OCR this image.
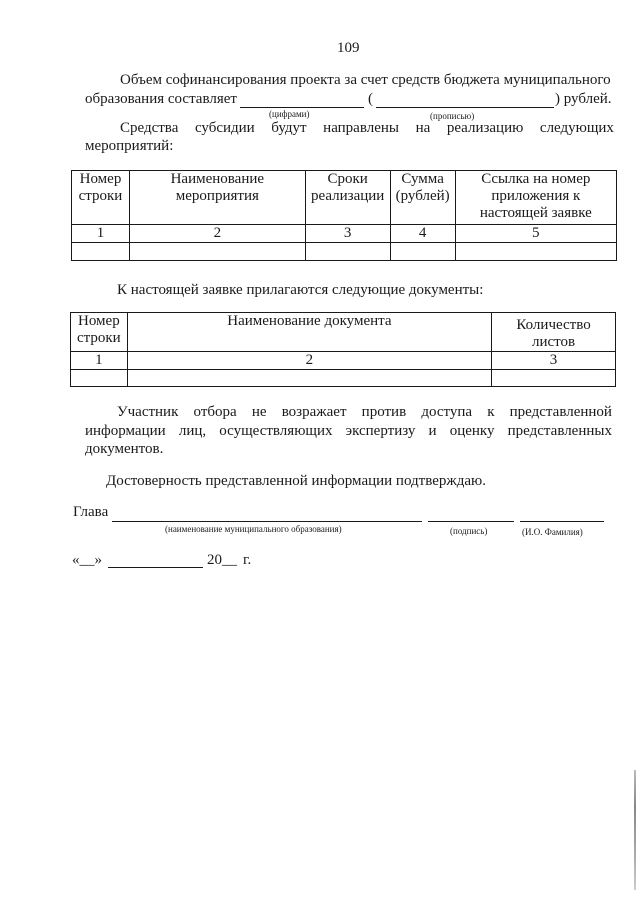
109
Объем софинансирования проекта за счет средств бюджета муниципального
образования составляет	(	) рублей.
(цифрами)	(прописью)
Средства субсидии будут направлены на реализацию следующих
мероприятий:
Номер строки	Наименование мероприятия	Сроки реализации	Сумма (рублей)	Ссылка на номер приложения к настоящей заявке
1	2	3	4	5

К настоящей заявке прилагаются следующие документы:
Номер строки	Наименование документа	Количество листов
1	2	3

Участник отбора не возражает против доступа к представленной
информации лиц, осуществляющих экспертизу и оценку представленных
документов.
Достоверность представленной информации подтверждаю.
Глава
(наименование муниципального образования)	(подпись)	(И.О. Фамилия)
«__»	20__ г.
